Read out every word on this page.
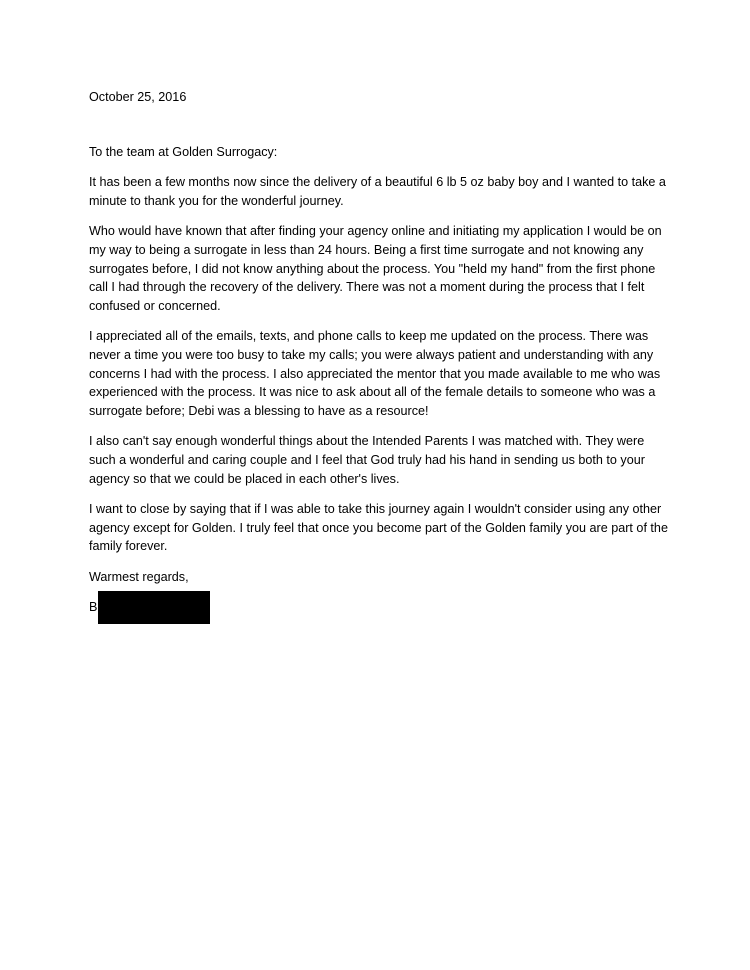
October 25, 2016

To the team at Golden Surrogacy:

It has been a few months now since the delivery of a beautiful 6 lb 5 oz baby boy and I wanted to take a minute to thank you for the wonderful journey.

Who would have known that after finding your agency online and initiating my application I would be on my way to being a surrogate in less than 24 hours. Being a first time surrogate and not knowing any surrogates before, I did not know anything about the process. You "held my hand" from the first phone call I had through the recovery of the delivery. There was not a moment during the process that I felt confused or concerned.

I appreciated all of the emails, texts, and phone calls to keep me updated on the process. There was never a time you were too busy to take my calls; you were always patient and understanding with any concerns I had with the process. I also appreciated the mentor that you made available to me who was experienced with the process. It was nice to ask about all of the female details to someone who was a surrogate before; Debi was a blessing to have as a resource!

I also can't say enough wonderful things about the Intended Parents I was matched with. They were such a wonderful and caring couple and I feel that God truly had his hand in sending us both to your agency so that we could be placed in each other's lives.

I want to close by saying that if I was able to take this journey again I wouldn't consider using any other agency except for Golden. I truly feel that once you become part of the Golden family you are part of the family forever.

Warmest regards,

B
